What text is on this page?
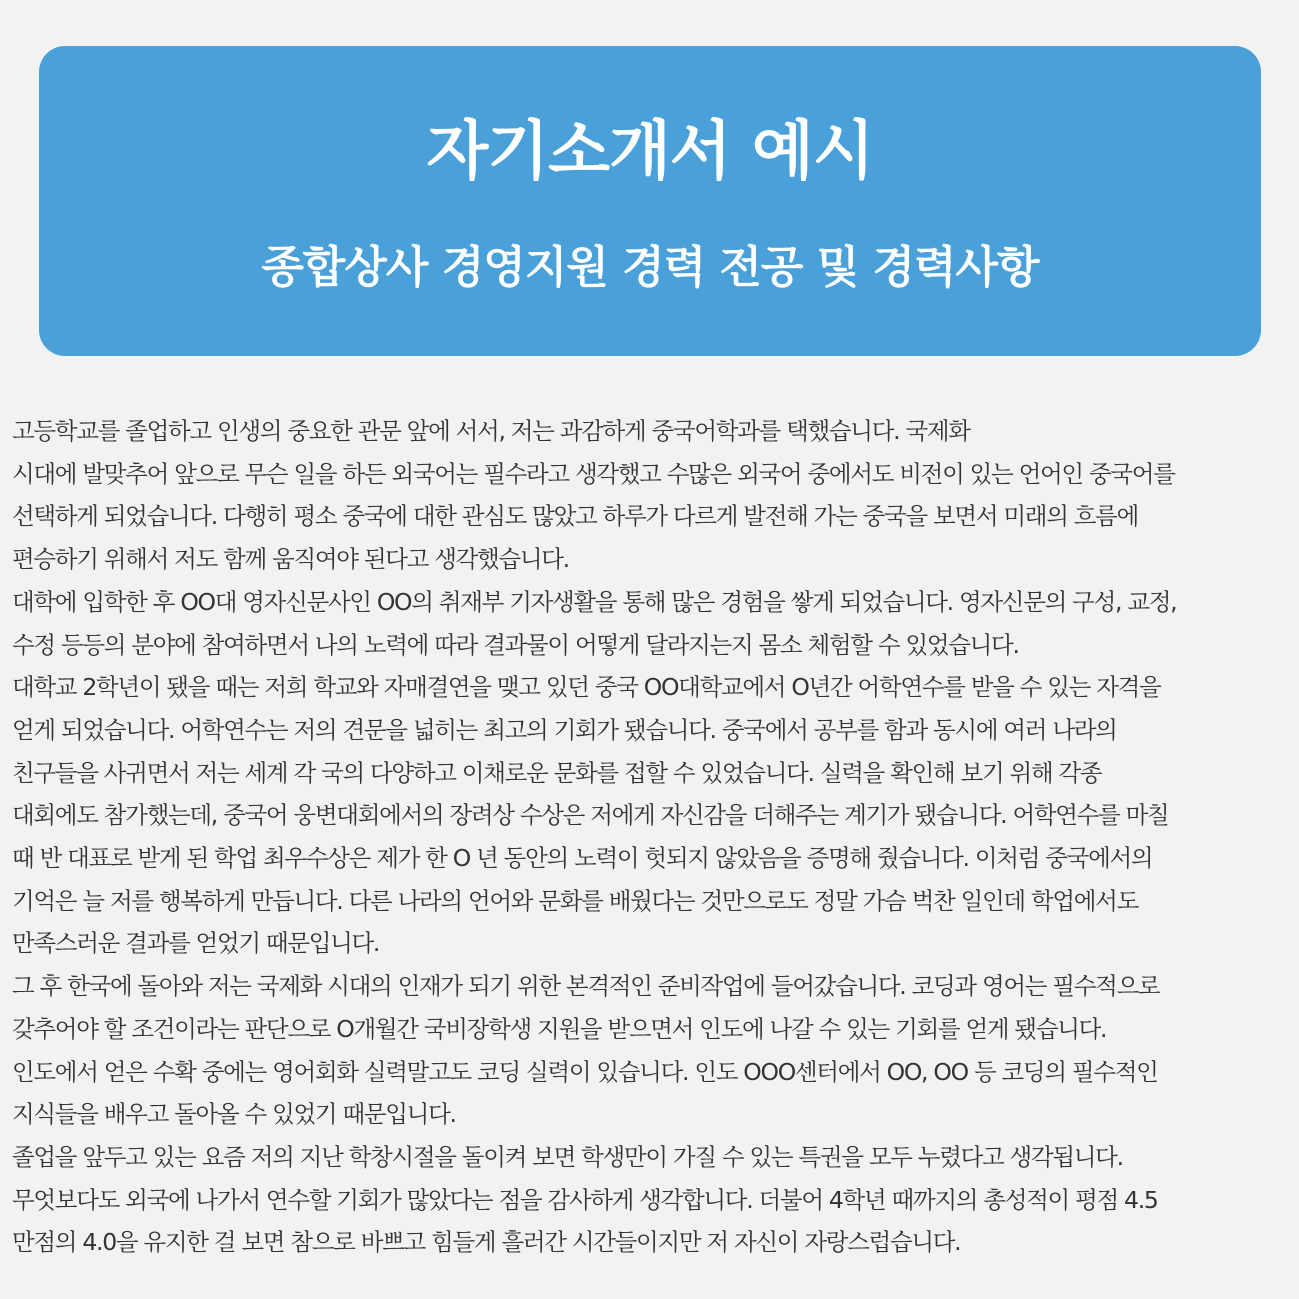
자기소개서 예시
종합상사 경영지원 경력 전공 및 경력사항
고등학교를 졸업하고 인생의 중요한 관문 앞에 서서, 저는 과감하게 중국어학과를 택했습니다. 국제화
시대에 발맞추어 앞으로 무슨 일을 하든 외국어는 필수라고 생각했고 수많은 외국어 중에서도 비전이 있는 언어인 중국어를
선택하게 되었습니다. 다행히 평소 중국에 대한 관심도 많았고 하루가 다르게 발전해 가는 중국을 보면서 미래의 흐름에
편승하기 위해서 저도 함께 움직여야 된다고 생각했습니다.
대학에 입학한 후 OO대 영자신문사인 OO의 취재부 기자생활을 통해 많은 경험을 쌓게 되었습니다. 영자신문의 구성, 교정,
수정 등등의 분야에 참여하면서 나의 노력에 따라 결과물이 어떻게 달라지는지 몸소 체험할 수 있었습니다.
대학교 2학년이 됐을 때는 저희 학교와 자매결연을 맺고 있던 중국 OO대학교에서 O년간 어학연수를 받을 수 있는 자격을
얻게 되었습니다. 어학연수는 저의 견문을 넓히는 최고의 기회가 됐습니다. 중국에서 공부를 함과 동시에 여러 나라의
친구들을 사귀면서 저는 세계 각 국의 다양하고 이채로운 문화를 접할 수 있었습니다. 실력을 확인해 보기 위해 각종
대회에도 참가했는데, 중국어 웅변대회에서의 장려상 수상은 저에게 자신감을 더해주는 계기가 됐습니다. 어학연수를 마칠
때 반 대표로 받게 된 학업 최우수상은 제가 한 O 년 동안의 노력이 헛되지 않았음을 증명해 줬습니다. 이처럼 중국에서의
기억은 늘 저를 행복하게 만듭니다. 다른 나라의 언어와 문화를 배웠다는 것만으로도 정말 가슴 벅찬 일인데 학업에서도
만족스러운 결과를 얻었기 때문입니다.
그 후 한국에 돌아와 저는 국제화 시대의 인재가 되기 위한 본격적인 준비작업에 들어갔습니다. 코딩과 영어는 필수적으로
갖추어야 할 조건이라는 판단으로 O개월간 국비장학생 지원을 받으면서 인도에 나갈 수 있는 기회를 얻게 됐습니다.
인도에서 얻은 수확 중에는 영어회화 실력말고도 코딩 실력이 있습니다. 인도 OOO센터에서 OO, OO 등 코딩의 필수적인
지식들을 배우고 돌아올 수 있었기 때문입니다.
졸업을 앞두고 있는 요즘 저의 지난 학창시절을 돌이켜 보면 학생만이 가질 수 있는 특권을 모두 누렸다고 생각됩니다.
무엇보다도 외국에 나가서 연수할 기회가 많았다는 점을 감사하게 생각합니다. 더불어 4학년 때까지의 총성적이 평점 4.5
만점의 4.0을 유지한 걸 보면 참으로 바쁘고 힘들게 흘러간 시간들이지만 저 자신이 자랑스럽습니다.
